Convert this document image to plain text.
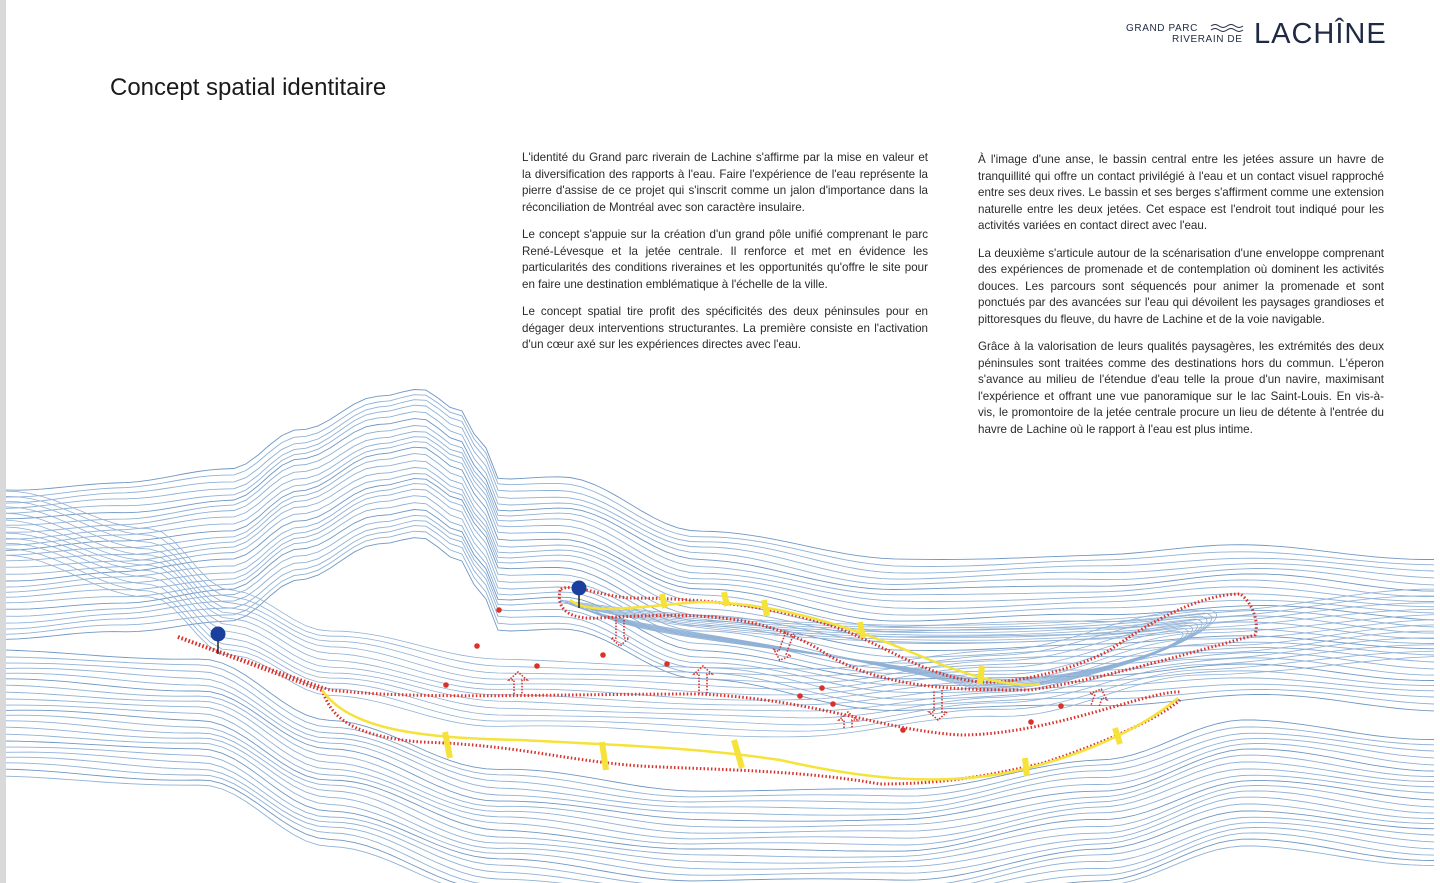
GRAND PARC
RIVERAIN DE LACHÎNE
Concept spatial identitaire

L'identité du Grand parc riverain de Lachine s'affirme par la mise en valeur et la diversification des rapports à l'eau. Faire l'expérience de l'eau représente la pierre d'assise de ce projet qui s'inscrit comme un jalon d'importance dans la réconciliation de Montréal avec son caractère insulaire.

Le concept s'appuie sur la création d'un grand pôle unifié comprenant le parc René-Lévesque et la jetée centrale. Il renforce et met en évidence les particularités des conditions riveraines et les opportunités qu'offre le site pour en faire une destination emblématique à l'échelle de la ville.

Le concept spatial tire profit des spécificités des deux péninsules pour en dégager deux interventions structurantes. La première consiste en l'activation d'un cœur axé sur les expériences directes avec l'eau.

À l'image d'une anse, le bassin central entre les jetées assure un havre de tranquillité qui offre un contact privilégié à l'eau et un contact visuel rapproché entre ses deux rives. Le bassin et ses berges s'affirment comme une extension naturelle entre les deux jetées. Cet espace est l'endroit tout indiqué pour les activités variées en contact direct avec l'eau.

La deuxième s'articule autour de la scénarisation d'une enveloppe comprenant des expériences de promenade et de contemplation où dominent les activités douces. Les parcours sont séquencés pour animer la promenade et sont ponctués par des avancées sur l'eau qui dévoilent les paysages grandioses et pittoresques du fleuve, du havre de Lachine et de la voie navigable.

Grâce à la valorisation de leurs qualités paysagères, les extrémités des deux péninsules sont traitées comme des destinations hors du commun. L'éperon s'avance au milieu de l'étendue d'eau telle la proue d'un navire, maximisant l'expérience et offrant une vue panoramique sur le lac Saint-Louis. En vis-à-vis, le promontoire de la jetée centrale procure un lieu de détente à l'entrée du havre de Lachine où le rapport à l'eau est plus intime.
